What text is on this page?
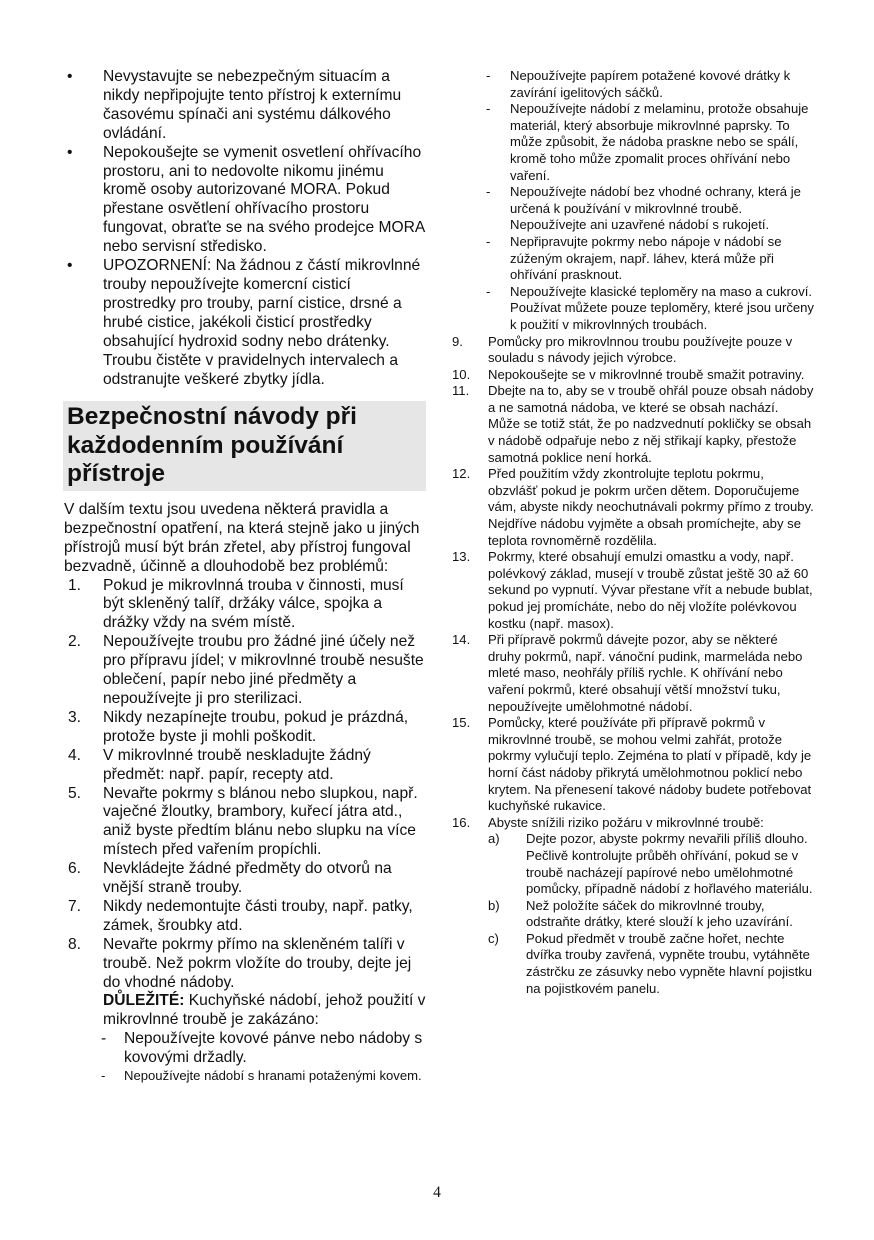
• Nevystavujte se nebezpečným situacím a nikdy nepřipojujte tento přístroj k externímu časovému spínači ani systému dálkového ovládání.
• Nepokoušejte se vymenit osvetlení ohřívacího prostoru, ani to nedovolte nikomu jinému kromě osoby autorizované MORA. Pokud přestane osvětlení ohřívacího prostoru fungovat, obraťte se na svého prodejce MORA nebo servisní středisko.
• UPOZORNENÍ: Na žádnou z částí mikrovlnné trouby nepoužívejte komercní cisticí prostredky pro trouby, parní cistice, drsné a hrubé cistice, jakékoli čisticí prostředky obsahující hydroxid sodny nebo drátenky. Troubu čistěte v pravidelnych intervalech a odstranujte veškeré zbytky jídla.
Bezpečnostní návody při každodenním používání přístroje
V dalším textu jsou uvedena některá pravidla a bezpečnostní opatření, na která stejně jako u jiných přístrojů musí být brán zřetel, aby přístroj fungoval bezvadně, účinně a dlouhodobě bez problémů:
1. Pokud je mikrovlnná trouba v činnosti, musí být skleněný talíř, držáky válce, spojka a drážky vždy na svém místě.
2. Nepoužívejte troubu pro žádné jiné účely než pro přípravu jídel; v mikrovlnné troubě nesušte oblečení, papír nebo jiné předměty a nepoužívejte ji pro sterilizaci.
3. Nikdy nezapínejte troubu, pokud je prázdná, protože byste ji mohli poškodit.
4. V mikrovlnné troubě neskladujte žádný předmět: např. papír, recepty atd.
5. Nevařte pokrmy s blánou nebo slupkou, např. vaječné žloutky, brambory, kuřecí játra atd., aniž byste předtím blánu nebo slupku na více místech před vařením propíchli.
6. Nevkládejte žádné předměty do otvorů na vnější straně trouby.
7. Nikdy nedemontujte části trouby, např. patky, zámek, šroubky atd.
8. Nevařte pokrmy přímo na skleněném talíři v troubě. Než pokrm vložíte do trouby, dejte jej do vhodné nádoby.
DŮLEŽITÉ: Kuchyňské nádobí, jehož použití v mikrovlnné troubě je zakázáno:
- Nepoužívejte kovové pánve nebo nádoby s kovovými držadly.
- Nepoužívejte nádobí s hranami potaženými kovem.
- Nepoužívejte papírem potažené kovové drátky k zavírání igelitových sáčků.
- Nepoužívejte nádobí z melaminu, protože obsahuje materiál, který absorbuje mikrovlnné paprsky. To může způsobit, že nádoba praskne nebo se spálí, kromě toho může zpomalit proces ohřívání nebo vaření.
- Nepoužívejte nádobí bez vhodné ochrany, která je určená k používání v mikrovlnné troubě. Nepoužívejte ani uzavřené nádobí s rukojetí.
- Nepřipravujte pokrmy nebo nápoje v nádobí se zúženým okrajem, např. láhev, která může při ohřívání prasknout.
- Nepoužívejte klasické teploměry na maso a cukroví. Používat můžete pouze teploměry, které jsou určeny k použití v mikrovlnných troubách.
9. Pomůcky pro mikrovlnnou troubu používejte pouze v souladu s návody jejich výrobce.
10. Nepokoušejte se v mikrovlnné troubě smažit potraviny.
11. Dbejte na to, aby se v troubě ohřál pouze obsah nádoby a ne samotná nádoba, ve které se obsah nachází. Může se totiž stát, že po nadzvednutí pokličky se obsah v nádobě odpařuje nebo z něj střikají kapky, přestože samotná poklice není horká.
12. Před použitím vždy zkontrolujte teplotu pokrmu, obzvlášť pokud je pokrm určen dětem. Doporučujeme vám, abyste nikdy neochutnávali pokrmy přímo z trouby. Nejdříve nádobu vyjměte a obsah promíchejte, aby se teplota rovnoměrně rozdělila.
13. Pokrmy, které obsahují emulzi omastku a vody, např. polévkový základ, musejí v troubě zůstat ještě 30 až 60 sekund po vypnutí. Vývar přestane vřít a nebude bublat, pokud jej promícháte, nebo do něj vložíte polévkovou kostku (např. masox).
14. Při přípravě pokrmů dávejte pozor, aby se některé druhy pokrmů, např. vánoční pudink, marmeláda nebo mleté maso, neohřály příliš rychle. K ohřívání nebo vaření pokrmů, které obsahují větší množství tuku, nepoužívejte umělohmotné nádobí.
15. Pomůcky, které používáte při přípravě pokrmů v mikrovlnné troubě, se mohou velmi zahřát, protože pokrmy vylučují teplo. Zejména to platí v případě, kdy je horní část nádoby přikrytá umělohmotnou poklicí nebo krytem. Na přenesení takové nádoby budete potřebovat kuchyňské rukavice.
16. Abyste snížili riziko požáru v mikrovlnné troubě:
a) Dejte pozor, abyste pokrmy nevařili příliš dlouho. Pečlivě kontrolujte průběh ohřívání, pokud se v troubě nacházejí papírové nebo umělohmotné pomůcky, případně nádobí z hořlavého materiálu.
b) Než položíte sáček do mikrovlnné trouby, odstraňte drátky, které slouží k jeho uzavírání.
c) Pokud předmět v troubě začne hořet, nechte dvířka trouby zavřená, vypněte troubu, vytáhněte zástrčku ze zásuvky nebo vypněte hlavní pojistku na pojistkovém panelu.
4
